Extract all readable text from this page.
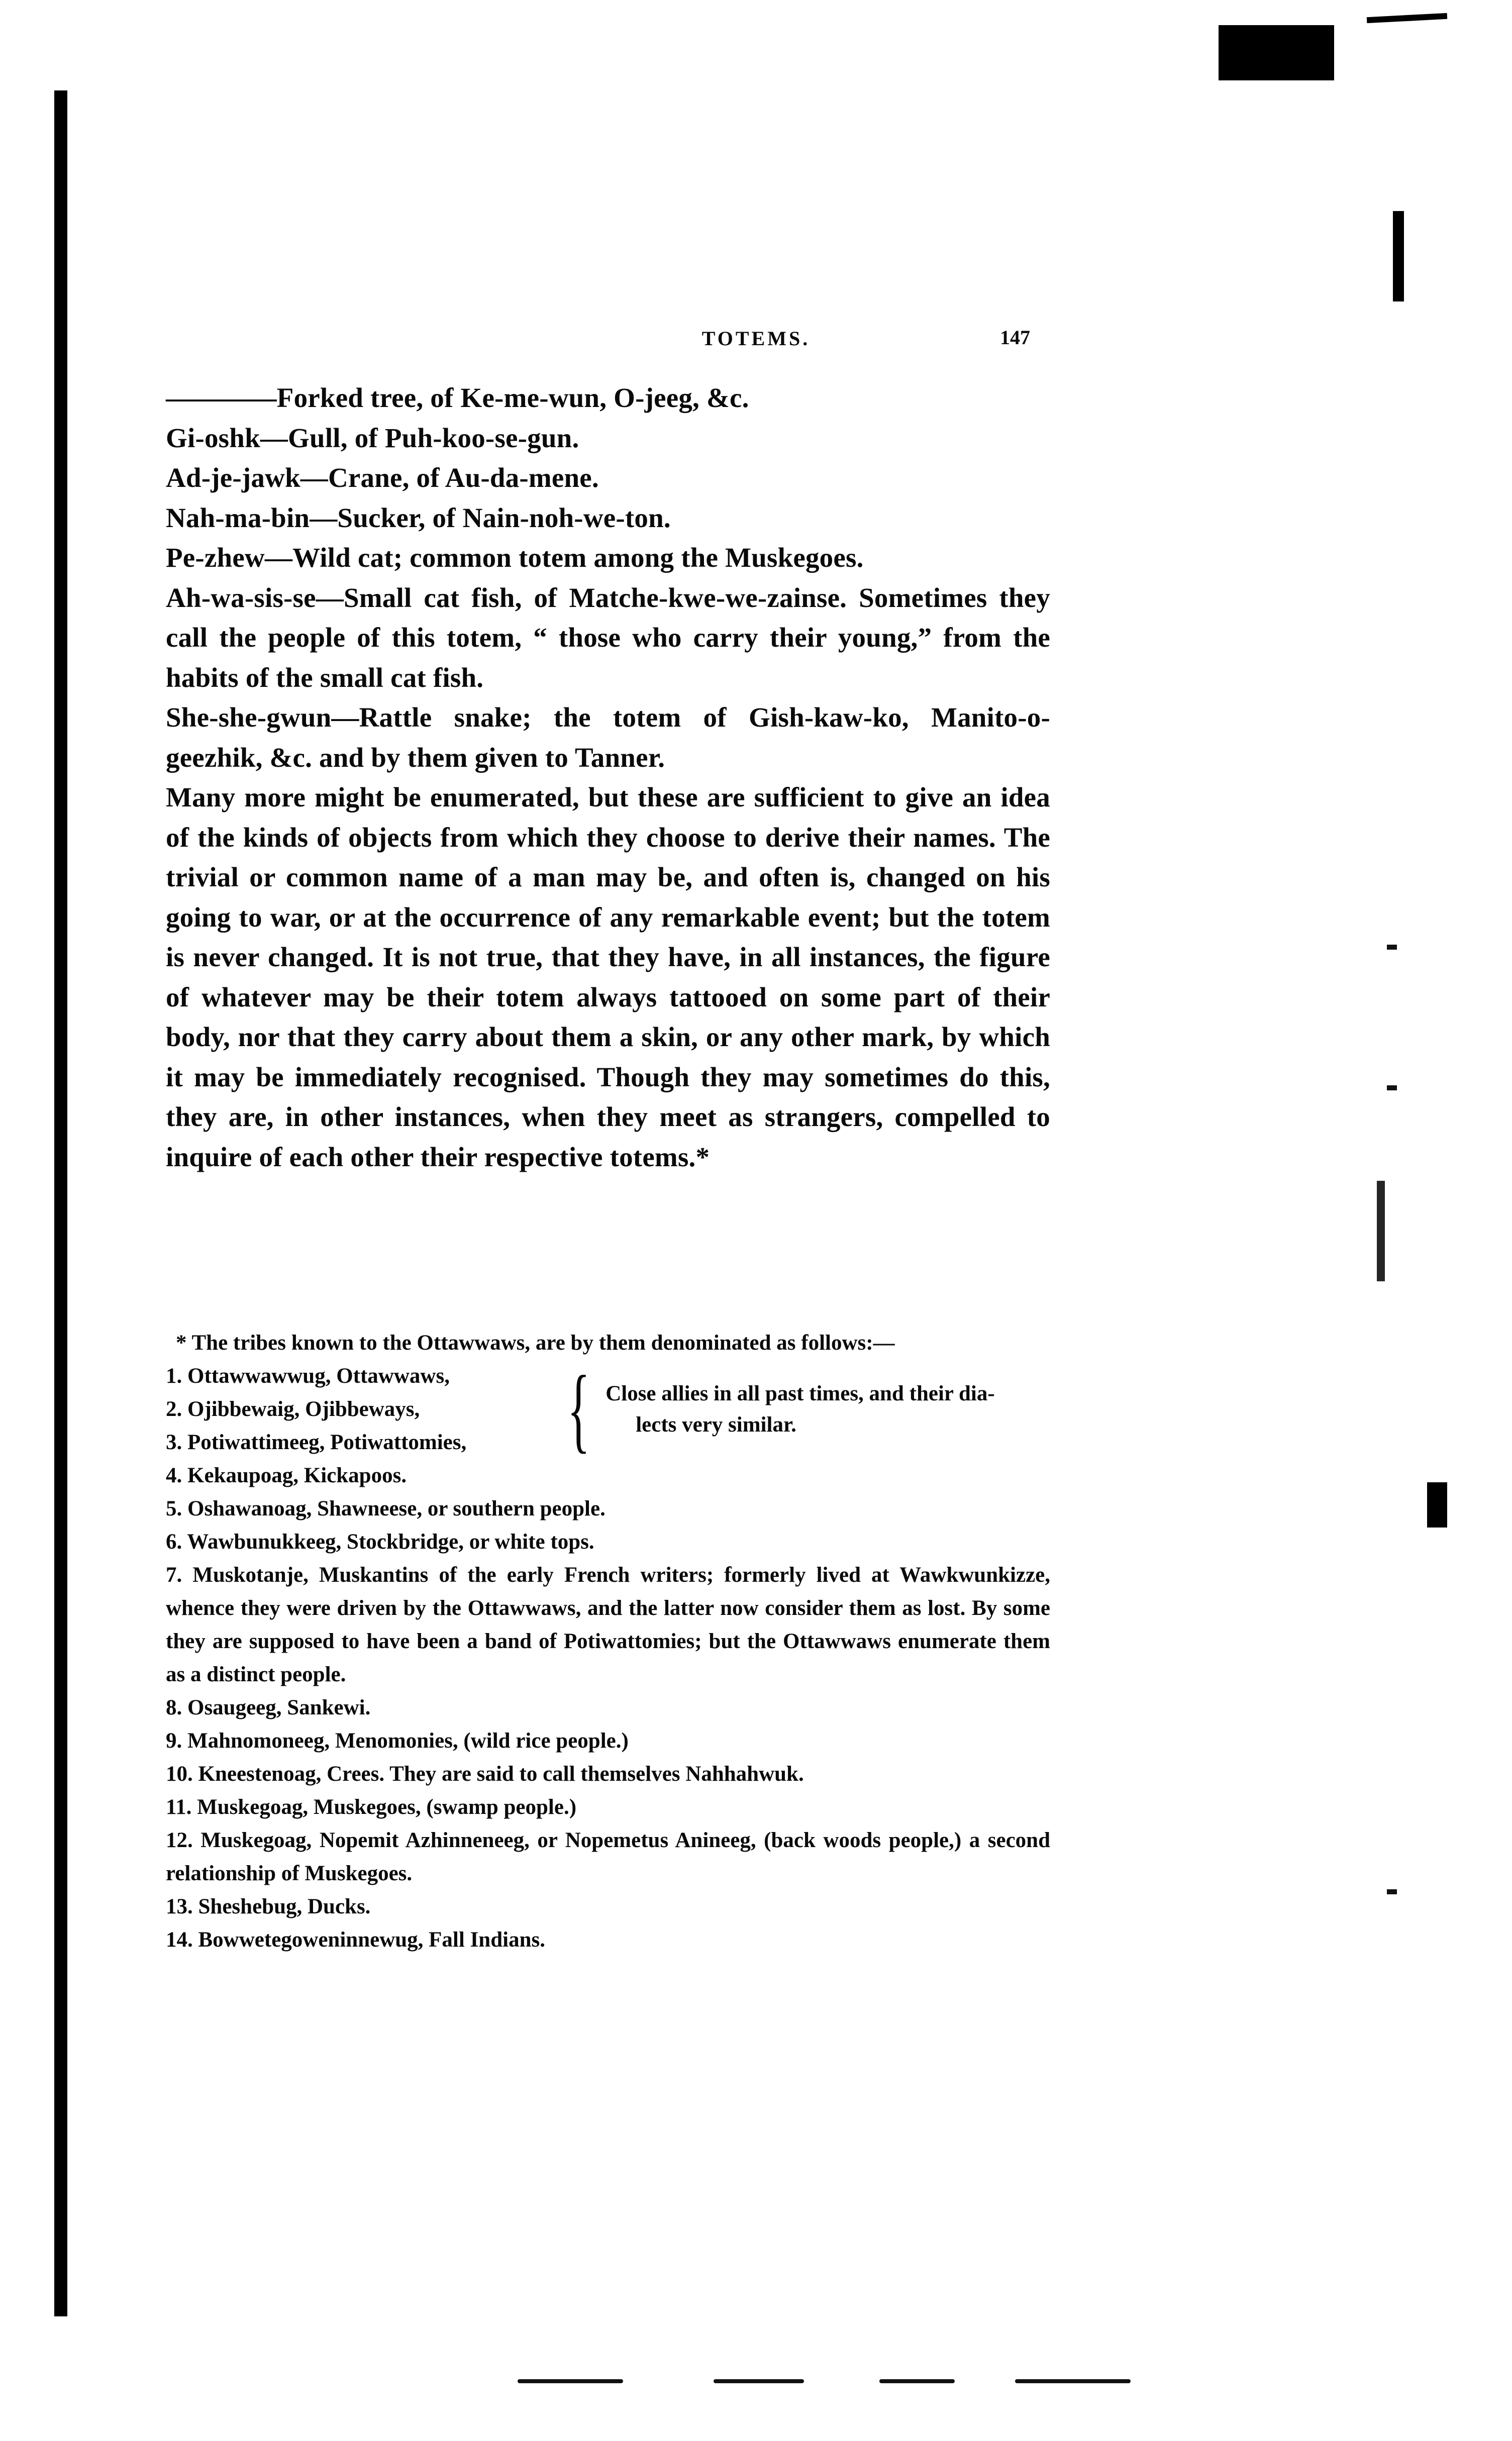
TOTEMS.	147

————Forked tree, of Ke-me-wun, O-jeeg, &c.

Gi-oshk—Gull, of Puh-koo-se-gun.

Ad-je-jawk—Crane, of Au-da-mene.

Nah-ma-bin—Sucker, of Nain-noh-we-ton.

Pe-zhew—Wild cat; common totem among the Muskegoes.

Ah-wa-sis-se—Small cat fish, of Matche-kwe-we-zainse. Sometimes they call the people of this totem, “ those who carry their young,” from the habits of the small cat fish.

She-she-gwun—Rattle snake; the totem of Gish-kaw-ko, Manito-o-geezhik, &c. and by them given to Tanner.

Many more might be enumerated, but these are sufficient to give an idea of the kinds of objects from which they choose to derive their names. The trivial or common name of a man may be, and often is, changed on his going to war, or at the occurrence of any remarkable event; but the totem is never changed. It is not true, that they have, in all instances, the figure of whatever may be their totem always tattooed on some part of their body, nor that they carry about them a skin, or any other mark, by which it may be immediately recognised. Though they may sometimes do this, they are, in other instances, when they meet as strangers, compelled to inquire of each other their respective totems.*

* The tribes known to the Ottawwaws, are by them denominated as follows:—
1. Ottawwawwug, Ottawwaws,
2. Ojibbewaig, Ojibbeways,
3. Potiwattimeeg, Potiwattomies,	{ Close allies in all past times, and their dia-
lects very similar.
4. Kekaupoag, Kickapoos.
5. Oshawanoag, Shawneese, or southern people.
6. Wawbunukkeeg, Stockbridge, or white tops.
7. Muskotanje, Muskantins of the early French writers; formerly lived at Wawkwunkizze, whence they were driven by the Ottawwaws, and the latter now consider them as lost. By some they are supposed to have been a band of Potiwattomies; but the Ottawwaws enumerate them as a distinct people.
8. Osaugeeg, Sankewi.
9. Mahnomoneeg, Menomonies, (wild rice people.)
10. Kneestenoag, Crees. They are said to call themselves Nahhahwuk.
11. Muskegoag, Muskegoes, (swamp people.)
12. Muskegoag, Nopemit Azhinneneeg, or Nopemetus Anineeg, (back woods people,) a second relationship of Muskegoes.
13. Sheshebug, Ducks.
14. Bowwetegoweninnewug, Fall Indians.
